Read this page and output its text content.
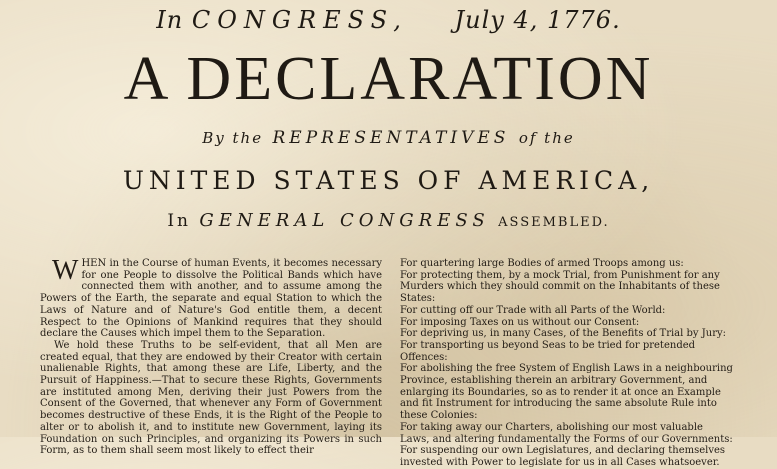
In CONGRESS, July 4, 1776.
A DECLARATION
By the REPRESENTATIVES of the
UNITED STATES OF AMERICA,
In GENERAL CONGRESS ASSEMBLED.

WHEN in the Course of human Events, it becomes necessary for one People to dissolve the Political Bands which have connected them with another, and to assume among the Powers of the Earth, the separate and equal Station to which the Laws of Nature and of Nature's God entitle them, a decent Respect to the Opinions of Mankind requires that they should declare the Causes which impel them to the Separation.

We hold these Truths to be self-evident, that all Men are created equal, that they are endowed by their Creator with certain unalienable Rights, that among these are Life, Liberty, and the Pursuit of Happiness.—That to secure these Rights, Governments are instituted among Men, deriving their just Powers from the Consent of the Governed, that whenever any Form of Government becomes destructive of these Ends, it is the Right of the People to alter or to abolish it, and to institute new Government, laying its Foundation on such Principles, and organizing its Powers in such Form, as to them shall seem most likely to effect their

For quartering large Bodies of armed Troops among us:

For protecting them, by a mock Trial, from Punishment for any Murders which they should commit on the Inhabitants of these States:

For cutting off our Trade with all Parts of the World:

For imposing Taxes on us without our Consent:

For depriving us, in many Cases, of the Benefits of Trial by Jury:

For transporting us beyond Seas to be tried for pretended Offences:

For abolishing the free System of English Laws in a neighbouring Province, establishing therein an arbitrary Government, and enlarging its Boundaries, so as to render it at once an Example and fit Instrument for introducing the same absolute Rule into these Colonies:

For taking away our Charters, abolishing our most valuable Laws, and altering fundamentally the Forms of our Governments:

For suspending our own Legislatures, and declaring themselves invested with Power to legislate for us in all Cases whatsoever.
